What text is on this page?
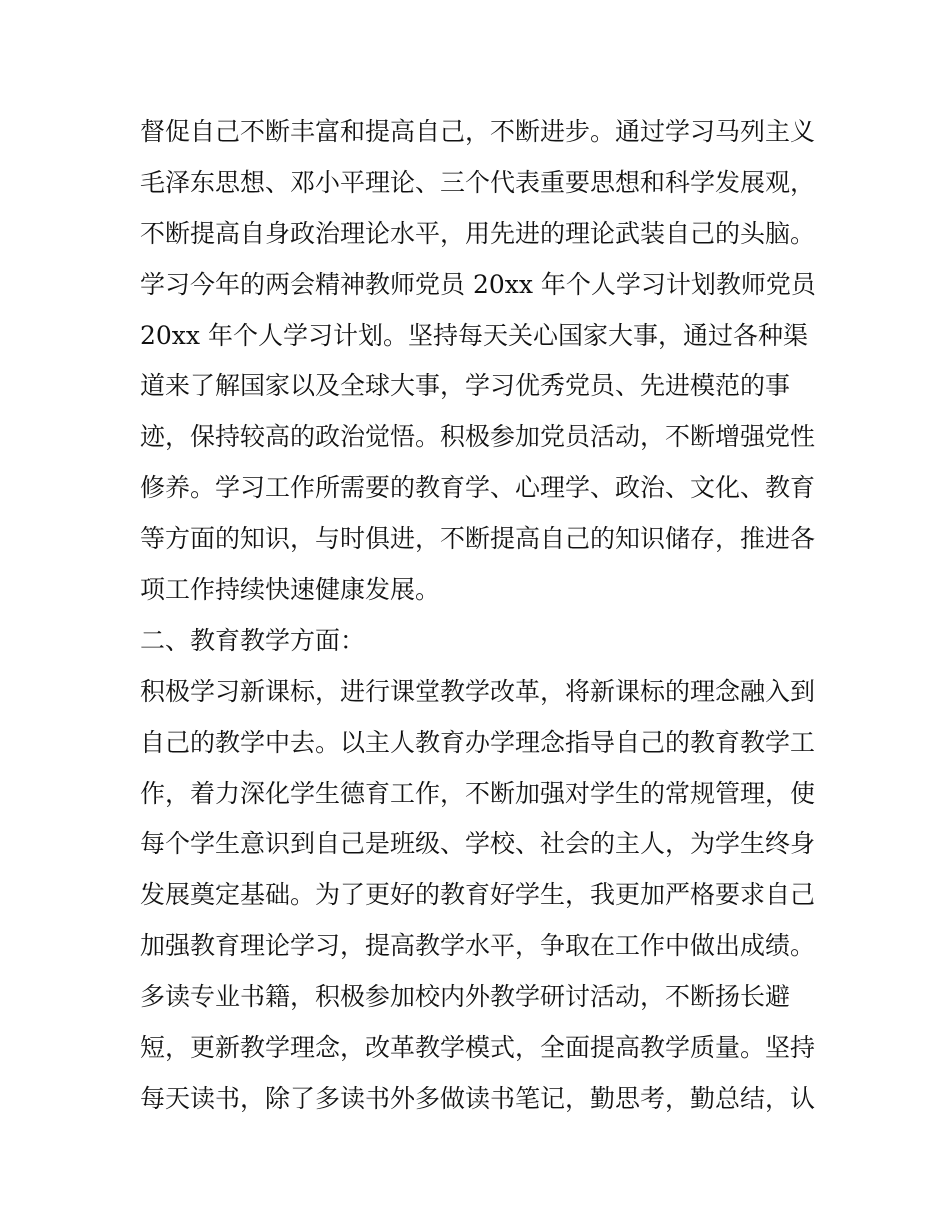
督促自己不断丰富和提高自己，不断进步。通过学习马列主义
毛泽东思想、邓小平理论、三个代表重要思想和科学发展观，
不断提高自身政治理论水平，用先进的理论武装自己的头脑。
学习今年的两会精神教师党员 20xx 年个人学习计划教师党员
20xx 年个人学习计划。坚持每天关心国家大事，通过各种渠
道来了解国家以及全球大事，学习优秀党员、先进模范的事
迹，保持较高的政治觉悟。积极参加党员活动，不断增强党性
修养。学习工作所需要的教育学、心理学、政治、文化、教育
等方面的知识，与时俱进，不断提高自己的知识储存，推进各
项工作持续快速健康发展。
二、教育教学方面：
积极学习新课标，进行课堂教学改革，将新课标的理念融入到
自己的教学中去。以主人教育办学理念指导自己的教育教学工
作，着力深化学生德育工作，不断加强对学生的常规管理，使
每个学生意识到自己是班级、学校、社会的主人，为学生终身
发展奠定基础。为了更好的教育好学生，我更加严格要求自己
加强教育理论学习，提高教学水平，争取在工作中做出成绩。
多读专业书籍，积极参加校内外教学研讨活动，不断扬长避
短，更新教学理念，改革教学模式，全面提高教学质量。坚持
每天读书，除了多读书外多做读书笔记，勤思考，勤总结，认
